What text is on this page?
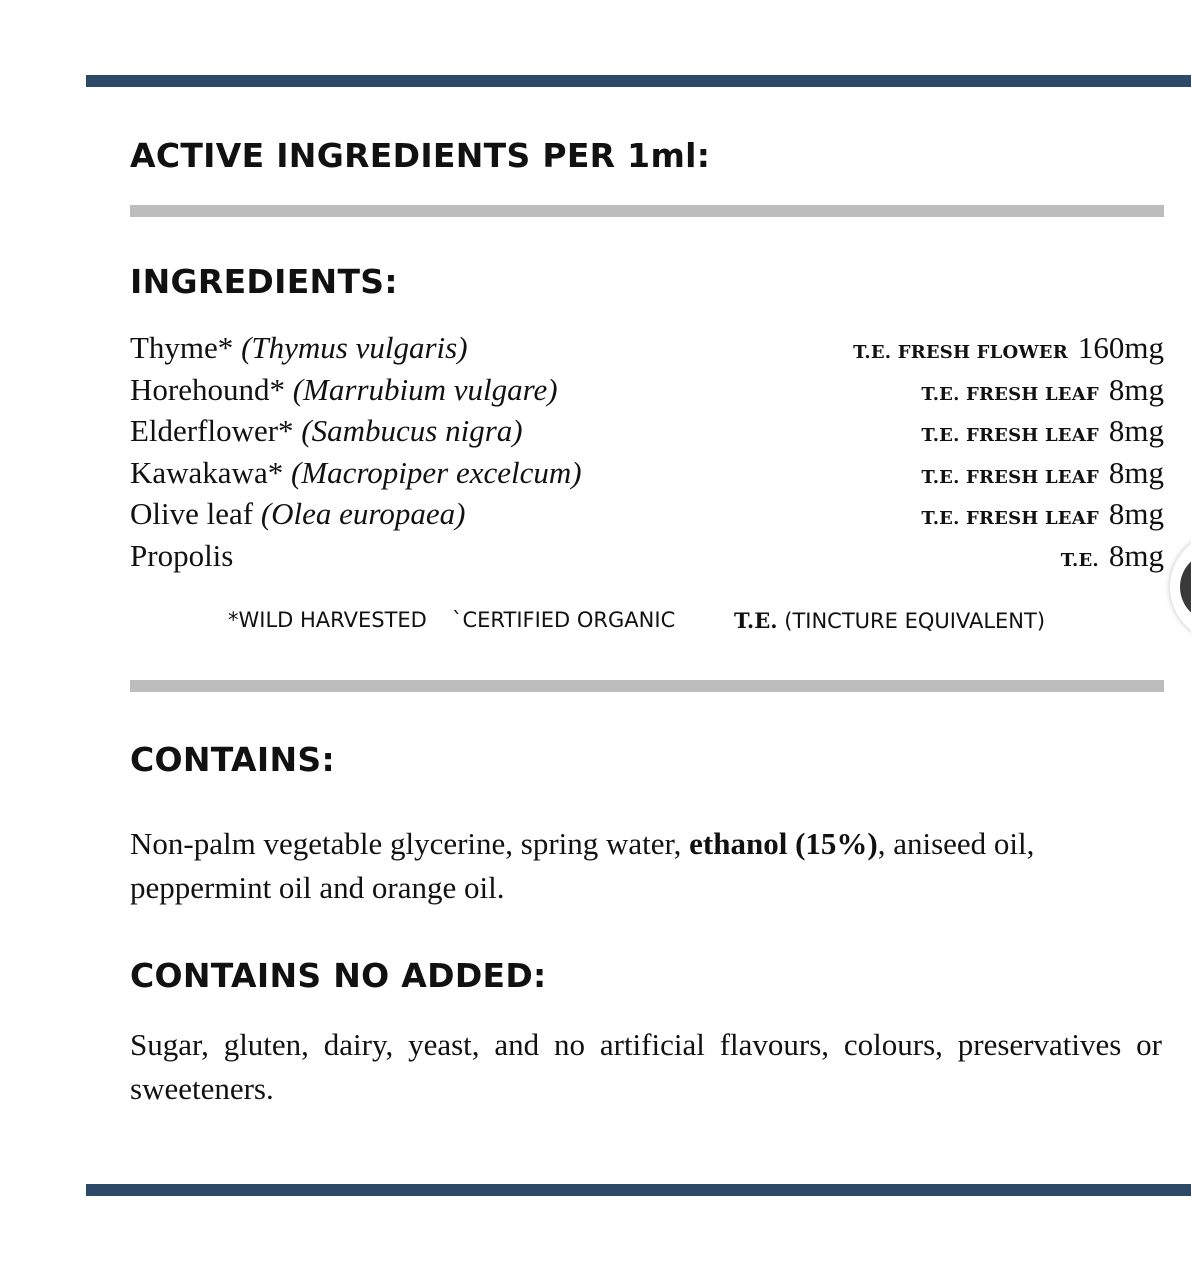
ACTIVE INGREDIENTS PER 1ml:
INGREDIENTS:
Thyme* (Thymus vulgaris)	T.E. FRESH FLOWER 160mg
Horehound* (Marrubium vulgare)	T.E. FRESH LEAF 8mg
Elderflower* (Sambucus nigra)	T.E. FRESH LEAF 8mg
Kawakawa* (Macropiper excelcum)	T.E. FRESH LEAF 8mg
Olive leaf (Olea europaea)	T.E. FRESH LEAF 8mg
Propolis	T.E. 8mg
*WILD HARVESTED `CERTIFIED ORGANIC	T.E. (TINCTURE EQUIVALENT)
CONTAINS:

Non-palm vegetable glycerine, spring water, ethanol (15%), aniseed oil, peppermint oil and orange oil.

CONTAINS NO ADDED:

Sugar, gluten, dairy, yeast, and no artificial flavours, colours, preservatives or sweeteners.
